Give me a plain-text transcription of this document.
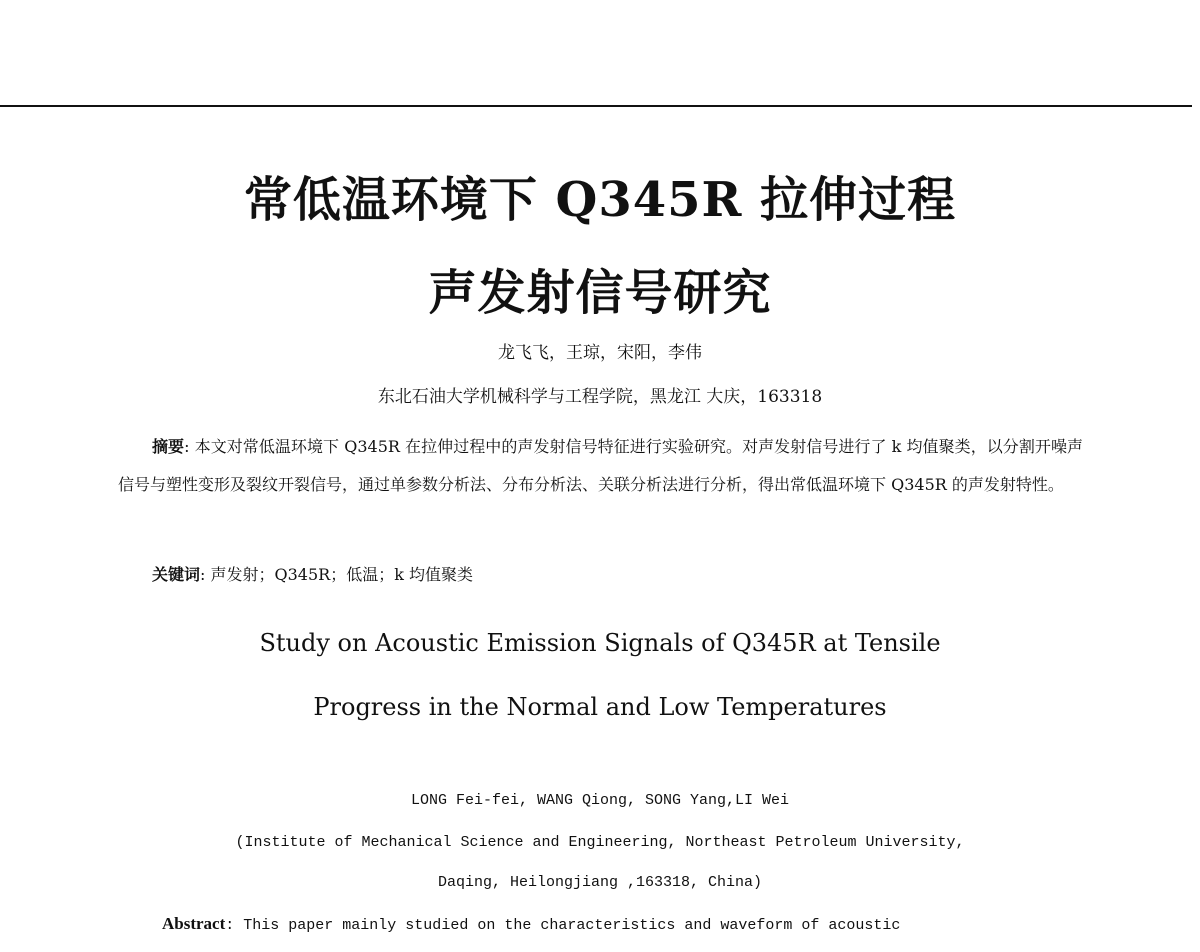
常低温环境下 Q345R 拉伸过程
声发射信号研究
龙飞飞，王琼，宋阳，李伟
东北石油大学机械科学与工程学院，黑龙江 大庆，163318

摘要: 本文对常低温环境下 Q345R 在拉伸过程中的声发射信号特征进行实验研究。对声发射信号进行了 k 均值聚类，以分割开噪声信号与塑性变形及裂纹开裂信号，通过单参数分析法、分布分析法、关联分析法进行分析，得出常低温环境下 Q345R 的声发射特性。

关键词: 声发射；Q345R；低温；k 均值聚类
Study on Acoustic Emission Signals of Q345R at Tensile
Progress in the Normal and Low Temperatures
LONG Fei-fei, WANG Qiong, SONG Yang,LI Wei
(Institute of Mechanical Science and Engineering, Northeast Petroleum University,
Daqing, Heilongjiang ,163318, China)
Abstract: This paper mainly studied on the characteristics and waveform of acoustic
